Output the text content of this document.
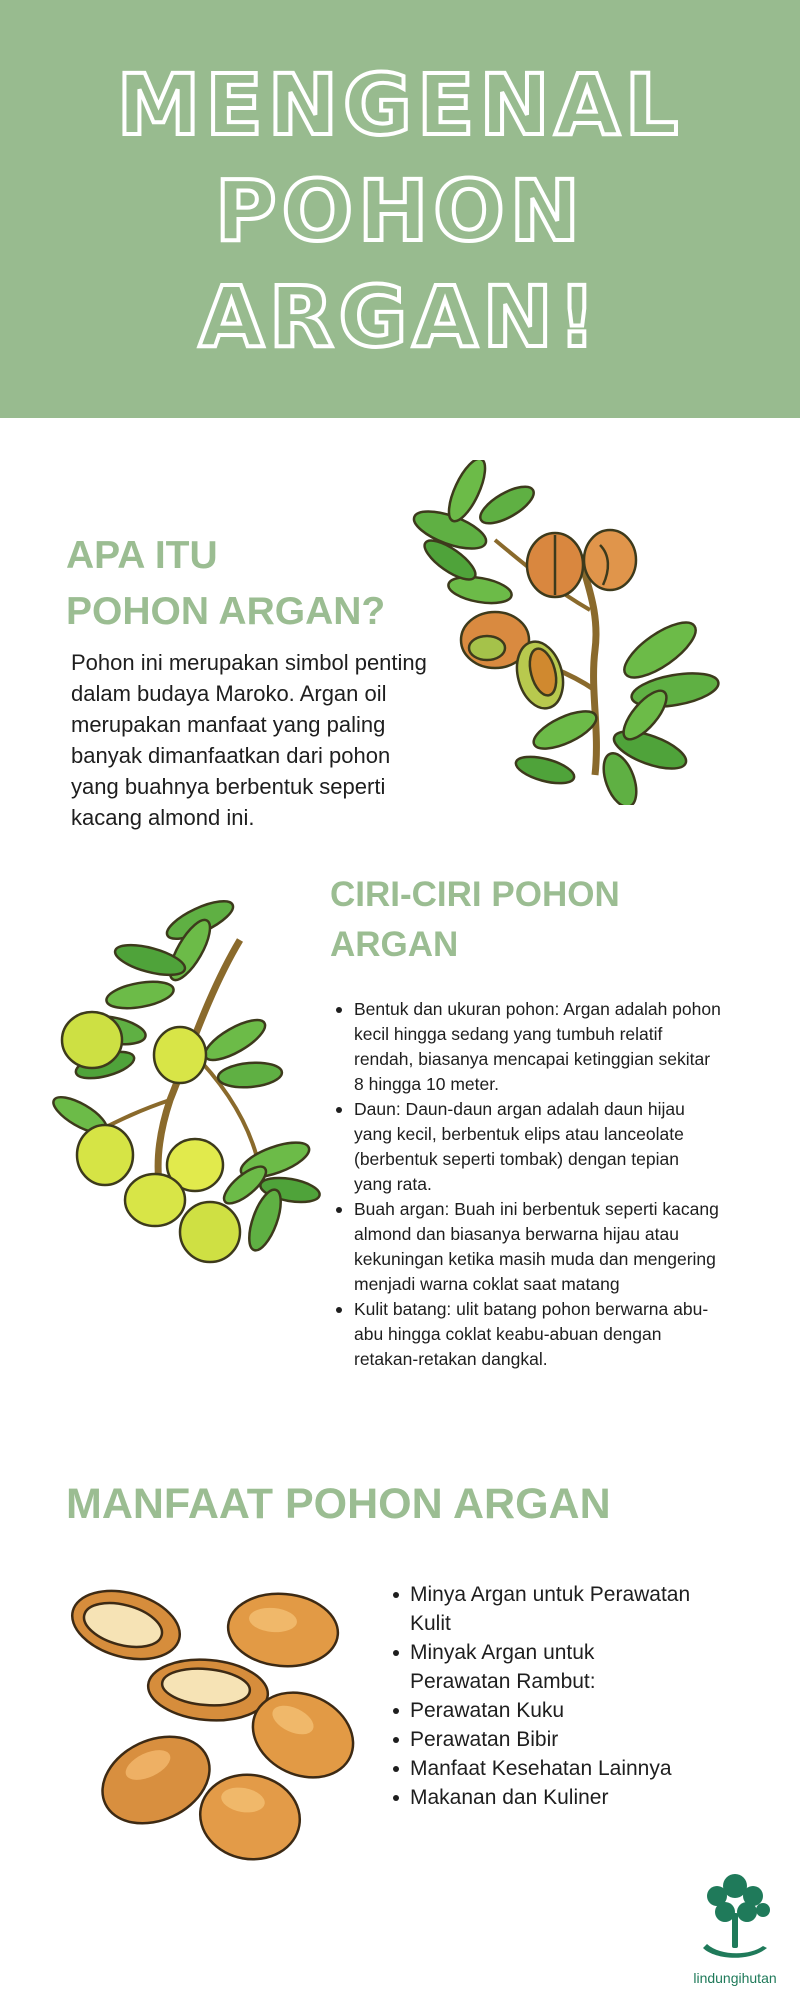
MENGENAL
POHON
ARGAN!
APA ITU
POHON ARGAN?
Pohon ini merupakan simbol penting
dalam budaya Maroko. Argan oil
merupakan manfaat yang paling
banyak dimanfaatkan dari pohon
yang buahnya berbentuk seperti
kacang almond ini.
CIRI-CIRI POHON
ARGAN
Bentuk dan ukuran pohon: Argan adalah pohon
kecil hingga sedang yang tumbuh relatif
rendah, biasanya mencapai ketinggian sekitar
8 hingga 10 meter.
Daun: Daun-daun argan adalah daun hijau
yang kecil, berbentuk elips atau lanceolate
(berbentuk seperti tombak) dengan tepian
yang rata.
Buah argan: Buah ini berbentuk seperti kacang
almond dan biasanya berwarna hijau atau
kekuningan ketika masih muda dan mengering
menjadi warna coklat saat matang
Kulit batang: ulit batang pohon berwarna abu-
abu hingga coklat keabu-abuan dengan
retakan-retakan dangkal.
MANFAAT POHON ARGAN
Minya Argan untuk Perawatan
Kulit
Minyak Argan untuk
Perawatan Rambut:
Perawatan Kuku
Perawatan Bibir
Manfaat Kesehatan Lainnya
Makanan dan Kuliner
lindungihutan
